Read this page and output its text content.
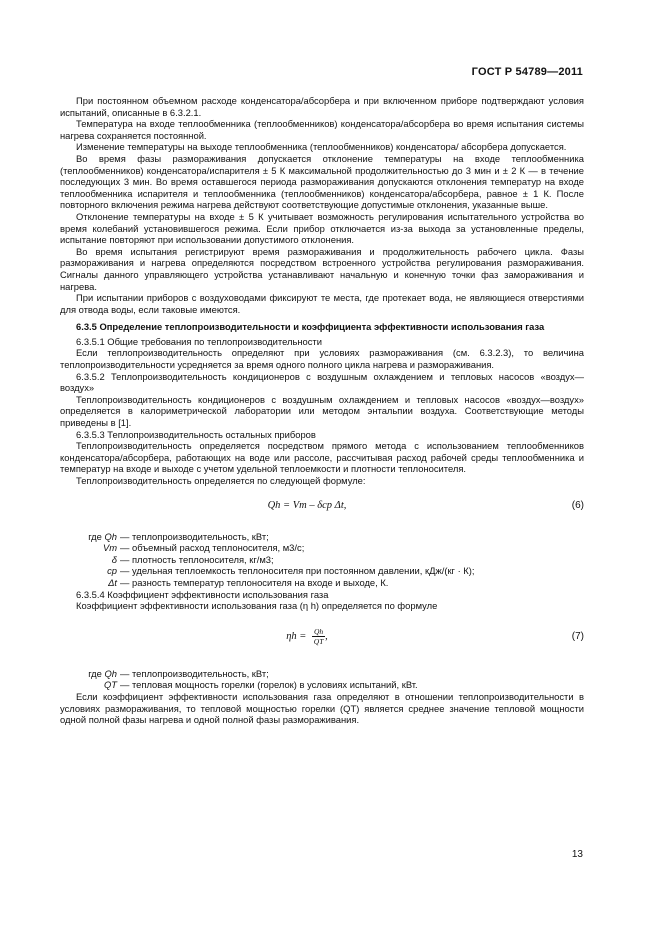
ГОСТ Р 54789—2011

При постоянном объемном расходе конденсатора/абсорбера и при включенном приборе подтверждают условия испытаний, описанные в 6.3.2.1.

Температура на входе теплообменника (теплообменников) конденсатора/абсорбера во время испытания системы нагрева сохраняется постоянной.

Изменение температуры на выходе теплообменника (теплообменников) конденсатора/ абсорбера допускается.

Во время фазы размораживания допускается отклонение температуры на входе теплообменника (теплообменников) конденсатора/испарителя ± 5 К максимальной продолжительностью до 3 мин и ± 2 К — в течение последующих 3 мин. Во время оставшегося периода размораживания допускаются отклонения температур на входе теплообменника испарителя и теплообменника (теплообменников) конденсатора/абсорбера, равное ± 1 К. После повторного включения режима нагрева действуют соответствующие допустимые отклонения, указанные выше.

Отклонение температуры на входе ± 5 К учитывает возможность регулирования испытательного устройства во время колебаний установившегося режима. Если прибор отключается из-за выхода за установленные пределы, испытание повторяют при использовании допустимого отклонения.

Во время испытания регистрируют время размораживания и продолжительность рабочего цикла. Фазы размораживания и нагрева определяются посредством встроенного устройства регулирования размораживания. Сигналы данного управляющего устройства устанавливают начальную и конечную точки фаз замораживания и нагрева.

При испытании приборов с воздуховодами фиксируют те места, где протекает вода, не являющиеся отверстиями для отвода воды, если таковые имеются.

6.3.5 Определение теплопроизводительности и коэффициента эффективности использования газа

6.3.5.1 Общие требования по теплопроизводительности

Если теплопроизводительность определяют при условиях размораживания (см. 6.3.2.3), то величина теплопроизводительности усредняется за время одного полного цикла нагрева и размораживания.

6.3.5.2 Теплопроизводительность кондиционеров с воздушным охлаждением и тепловых насосов «воздух—воздух»

Теплопроизводительность кондиционеров с воздушным охлаждением и тепловых насосов «воздух—воздух» определяется в калориметрической лаборатории или методом энтальпии воздуха. Соответствующие методы приведены в [1].

6.3.5.3 Теплопроизводительность остальных приборов

Теплопроизводительность определяется посредством прямого метода с использованием теплообменников конденсатора/абсорбера, работающих на воде или рассоле, рассчитывая расход рабочей среды теплообменника и температур на входе и выходе с учетом удельной теплоемкости и плотности теплоносителя.

Теплопроизводительность определяется по следующей формуле:

Qh = Vm – δcp Δt,	(6)
где Qh — теплопроизводительность, кВт;
Vm — объемный расход теплоносителя, м3/с;
δ — плотность теплоносителя, кг/м3;
cp — удельная теплоемкость теплоносителя при постоянном давлении, кДж/(кг · К);
Δt — разность температур теплоносителя на входе и выходе, К.

6.3.5.4 Коэффициент эффективности использования газа

Коэффициент эффективности использования газа (η h) определяется по формуле

$\eta h = \frac{Qh}{QT}$ ,	(7)
где Qh — теплопроизводительность, кВт;
QT — тепловая мощность горелки (горелок) в условиях испытаний, кВт.

Если коэффициент эффективности использования газа определяют в отношении теплопроизводительности в условиях размораживания, то тепловой мощностью горелки (QT) является среднее значение тепловой мощности одной полной фазы нагрева и одной полной фазы размораживания.

13
